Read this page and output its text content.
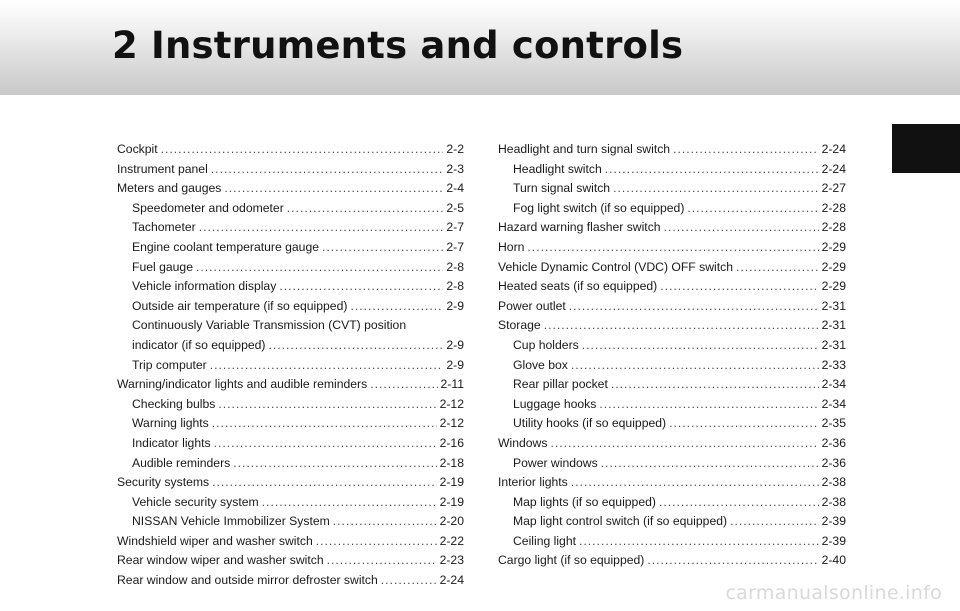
2 Instruments and controls
Cockpit .....	2-2
Instrument panel .....	2-3
Meters and gauges .....	2-4
Speedometer and odometer .....	2-5
Tachometer .....	2-7
Engine coolant temperature gauge .....	2-7
Fuel gauge .....	2-8
Vehicle information display .....	2-8
Outside air temperature (if so equipped) .....	2-9
Continuously Variable Transmission (CVT) position
indicator (if so equipped) .....	2-9
Trip computer .....	2-9
Warning/indicator lights and audible reminders .....	2-11
Checking bulbs .....	2-12
Warning lights .....	2-12
Indicator lights .....	2-16
Audible reminders .....	2-18
Security systems .....	2-19
Vehicle security system .....	2-19
NISSAN Vehicle Immobilizer System .....	2-20
Windshield wiper and washer switch .....	2-22
Rear window wiper and washer switch .....	2-23
Rear window and outside mirror defroster switch .....	2-24
Headlight and turn signal switch .....	2-24
Headlight switch .....	2-24
Turn signal switch .....	2-27
Fog light switch (if so equipped) .....	2-28
Hazard warning flasher switch .....	2-28
Horn .....	2-29
Vehicle Dynamic Control (VDC) OFF switch .....	2-29
Heated seats (if so equipped) .....	2-29
Power outlet .....	2-31
Storage .....	2-31
Cup holders .....	2-31
Glove box .....	2-33
Rear pillar pocket .....	2-34
Luggage hooks .....	2-34
Utility hooks (if so equipped) .....	2-35
Windows .....	2-36
Power windows .....	2-36
Interior lights .....	2-38
Map lights (if so equipped) .....	2-38
Map light control switch (if so equipped) .....	2-39
Ceiling light .....	2-39
Cargo light (if so equipped) .....	2-40
carmanualsonline.info
